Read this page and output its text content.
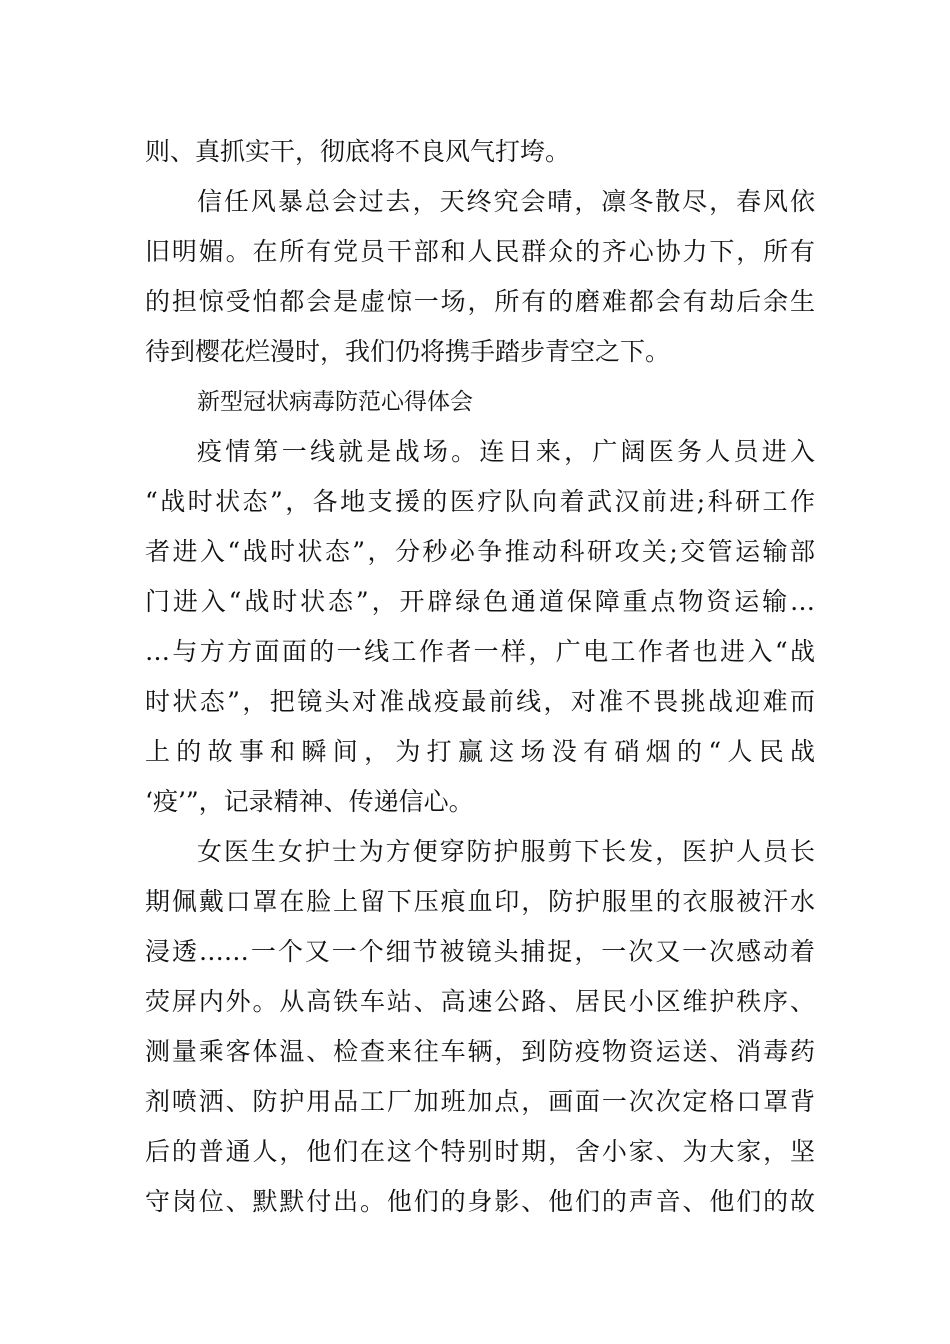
则、真抓实干，彻底将不良风气打垮。
信任风暴总会过去，天终究会晴，凛冬散尽，春风依
旧明媚。在所有党员干部和人民群众的齐心协力下，所有
的担惊受怕都会是虚惊一场，所有的磨难都会有劫后余生
待到樱花烂漫时，我们仍将携手踏步青空之下。
新型冠状病毒防范心得体会
疫情第一线就是战场。连日来，广阔医务人员进入
“战时状态”，各地支援的医疗队向着武汉前进;科研工作
者进入“战时状态”，分秒必争推动科研攻关;交管运输部
门进入“战时状态”，开辟绿色通道保障重点物资运输…
…与方方面面的一线工作者一样，广电工作者也进入“战
时状态”，把镜头对准战疫最前线，对准不畏挑战迎难而
上的故事和瞬间，为打赢这场没有硝烟的“人民战
‘疫’”，记录精神、传递信心。
女医生女护士为方便穿防护服剪下长发，医护人员长
期佩戴口罩在脸上留下压痕血印，防护服里的衣服被汗水
浸透……一个又一个细节被镜头捕捉，一次又一次感动着
荧屏内外。从高铁车站、高速公路、居民小区维护秩序、
测量乘客体温、检查来往车辆，到防疫物资运送、消毒药
剂喷洒、防护用品工厂加班加点，画面一次次定格口罩背
后的普通人，他们在这个特别时期，舍小家、为大家，坚
守岗位、默默付出。他们的身影、他们的声音、他们的故
